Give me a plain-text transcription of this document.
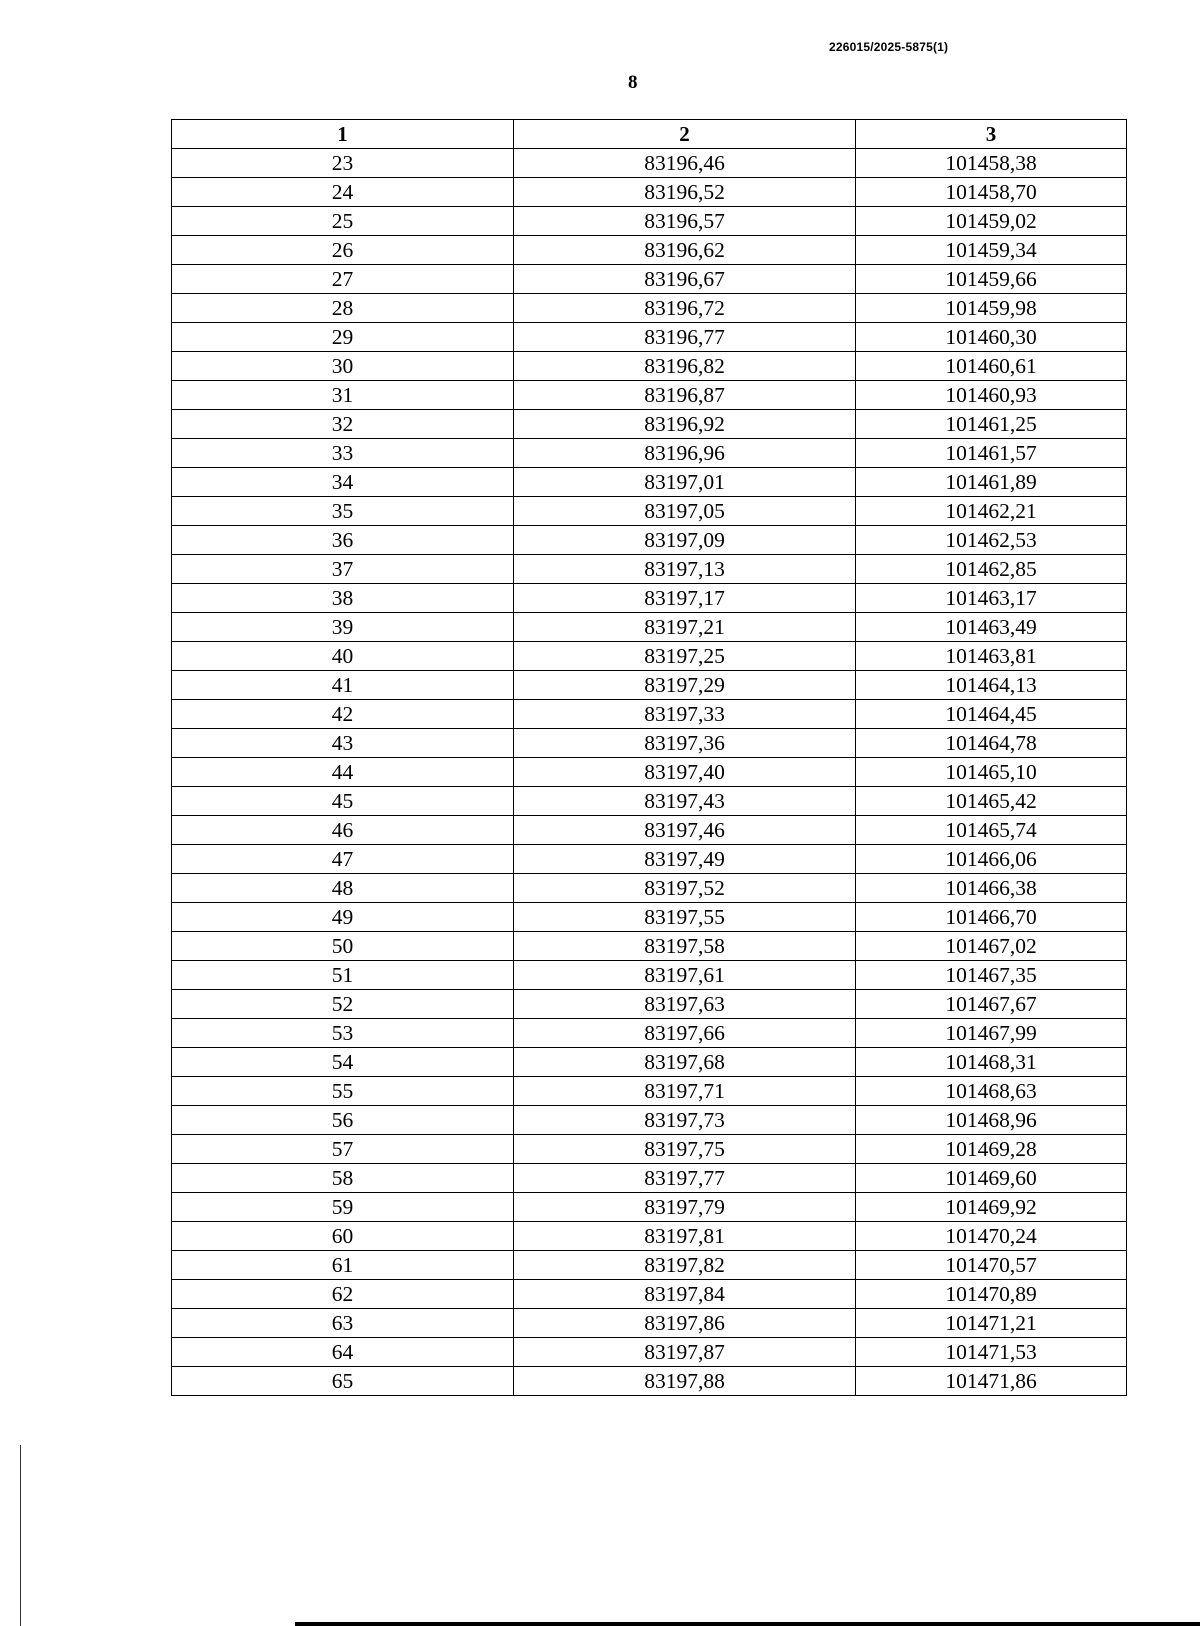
226015/2025-5875(1)
8
1	2	3
23	83196,46	101458,38
24	83196,52	101458,70
25	83196,57	101459,02
26	83196,62	101459,34
27	83196,67	101459,66
28	83196,72	101459,98
29	83196,77	101460,30
30	83196,82	101460,61
31	83196,87	101460,93
32	83196,92	101461,25
33	83196,96	101461,57
34	83197,01	101461,89
35	83197,05	101462,21
36	83197,09	101462,53
37	83197,13	101462,85
38	83197,17	101463,17
39	83197,21	101463,49
40	83197,25	101463,81
41	83197,29	101464,13
42	83197,33	101464,45
43	83197,36	101464,78
44	83197,40	101465,10
45	83197,43	101465,42
46	83197,46	101465,74
47	83197,49	101466,06
48	83197,52	101466,38
49	83197,55	101466,70
50	83197,58	101467,02
51	83197,61	101467,35
52	83197,63	101467,67
53	83197,66	101467,99
54	83197,68	101468,31
55	83197,71	101468,63
56	83197,73	101468,96
57	83197,75	101469,28
58	83197,77	101469,60
59	83197,79	101469,92
60	83197,81	101470,24
61	83197,82	101470,57
62	83197,84	101470,89
63	83197,86	101471,21
64	83197,87	101471,53
65	83197,88	101471,86
